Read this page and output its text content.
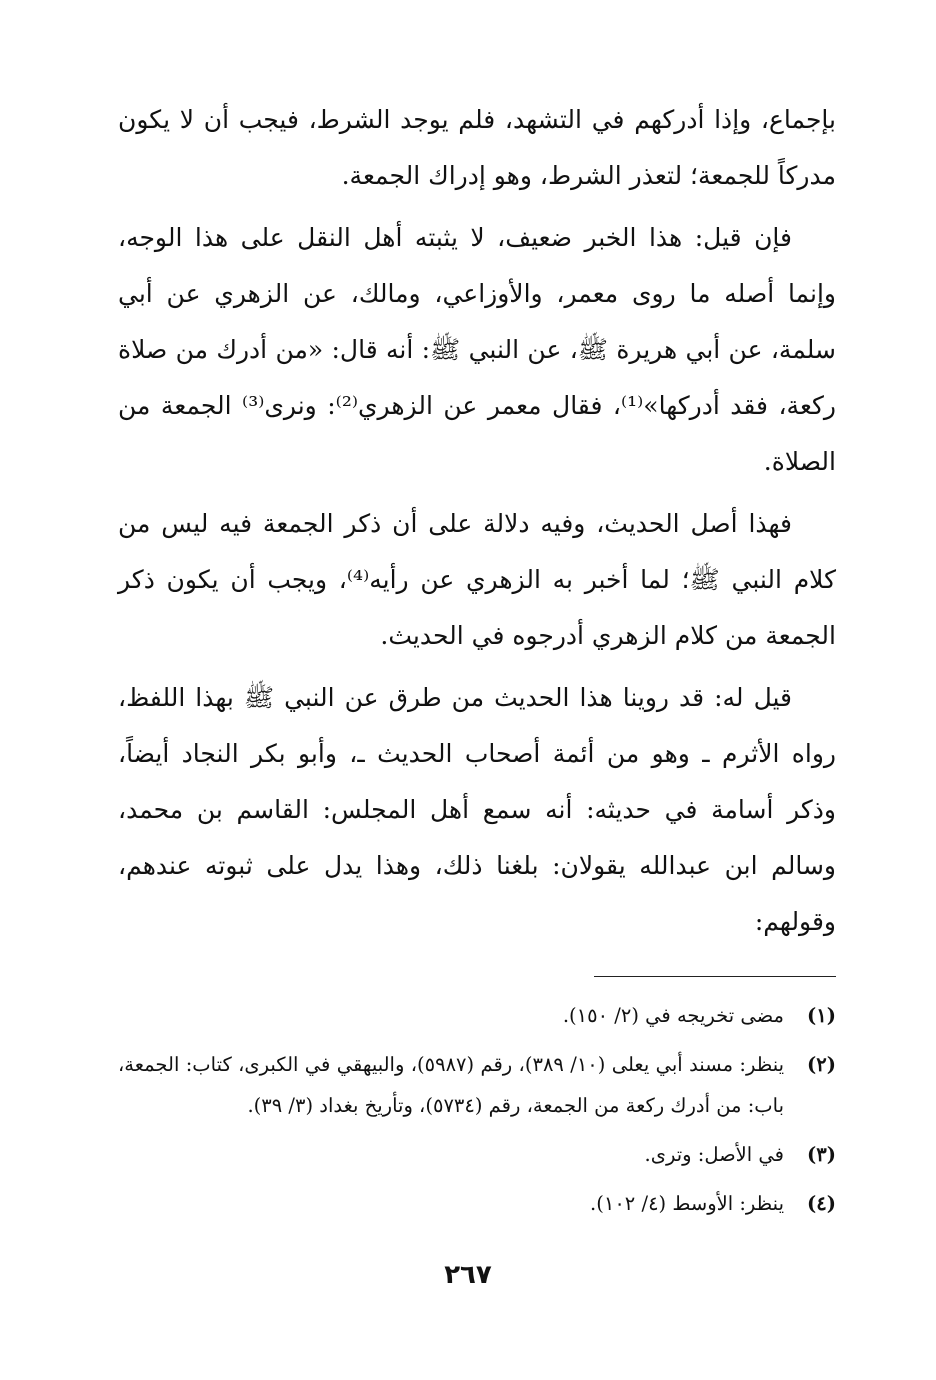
بإجماع، وإذا أدركهم في التشهد، فلم يوجد الشرط، فيجب أن لا يكون مدركاً للجمعة؛ لتعذر الشرط، وهو إدراك الجمعة.

فإن قيل: هذا الخبر ضعيف، لا يثبته أهل النقل على هذا الوجه، وإنما أصله ما روى معمر، والأوزاعي، ومالك، عن الزهري عن أبي سلمة، عن أبي هريرة ﷺ، عن النبي ﷺ: أنه قال: «من أدرك من صلاة ركعة، فقد أدركها»⁽¹⁾، فقال معمر عن الزهري⁽²⁾: ونرى⁽³⁾ الجمعة من الصلاة.

فهذا أصل الحديث، وفيه دلالة على أن ذكر الجمعة فيه ليس من كلام النبي ﷺ؛ لما أخبر به الزهري عن رأيه⁽⁴⁾، ويجب أن يكون ذكر الجمعة من كلام الزهري أدرجوه في الحديث.

قيل له: قد روينا هذا الحديث من طرق عن النبي ﷺ بهذا اللفظ، رواه الأثرم ـ وهو من أئمة أصحاب الحديث ـ، وأبو بكر النجاد أيضاً، وذكر أسامة في حديثه: أنه سمع أهل المجلس: القاسم بن محمد، وسالم ابن عبدالله يقولان: بلغنا ذلك، وهذا يدل على ثبوته عندهم، وقولهم:

(١)
مضى تخريجه في (٢/ ١٥٠).
(٢)
ينظر: مسند أبي يعلى (١٠/ ٣٨٩)، رقم (٥٩٨٧)، والبيهقي في الكبرى، كتاب: الجمعة، باب: من أدرك ركعة من الجمعة، رقم (٥٧٣٤)، وتأريخ بغداد (٣/ ٣٩).
(٣)
في الأصل: وترى.
(٤)
ينظر: الأوسط (٤/ ١٠٢).
٢٦٧
